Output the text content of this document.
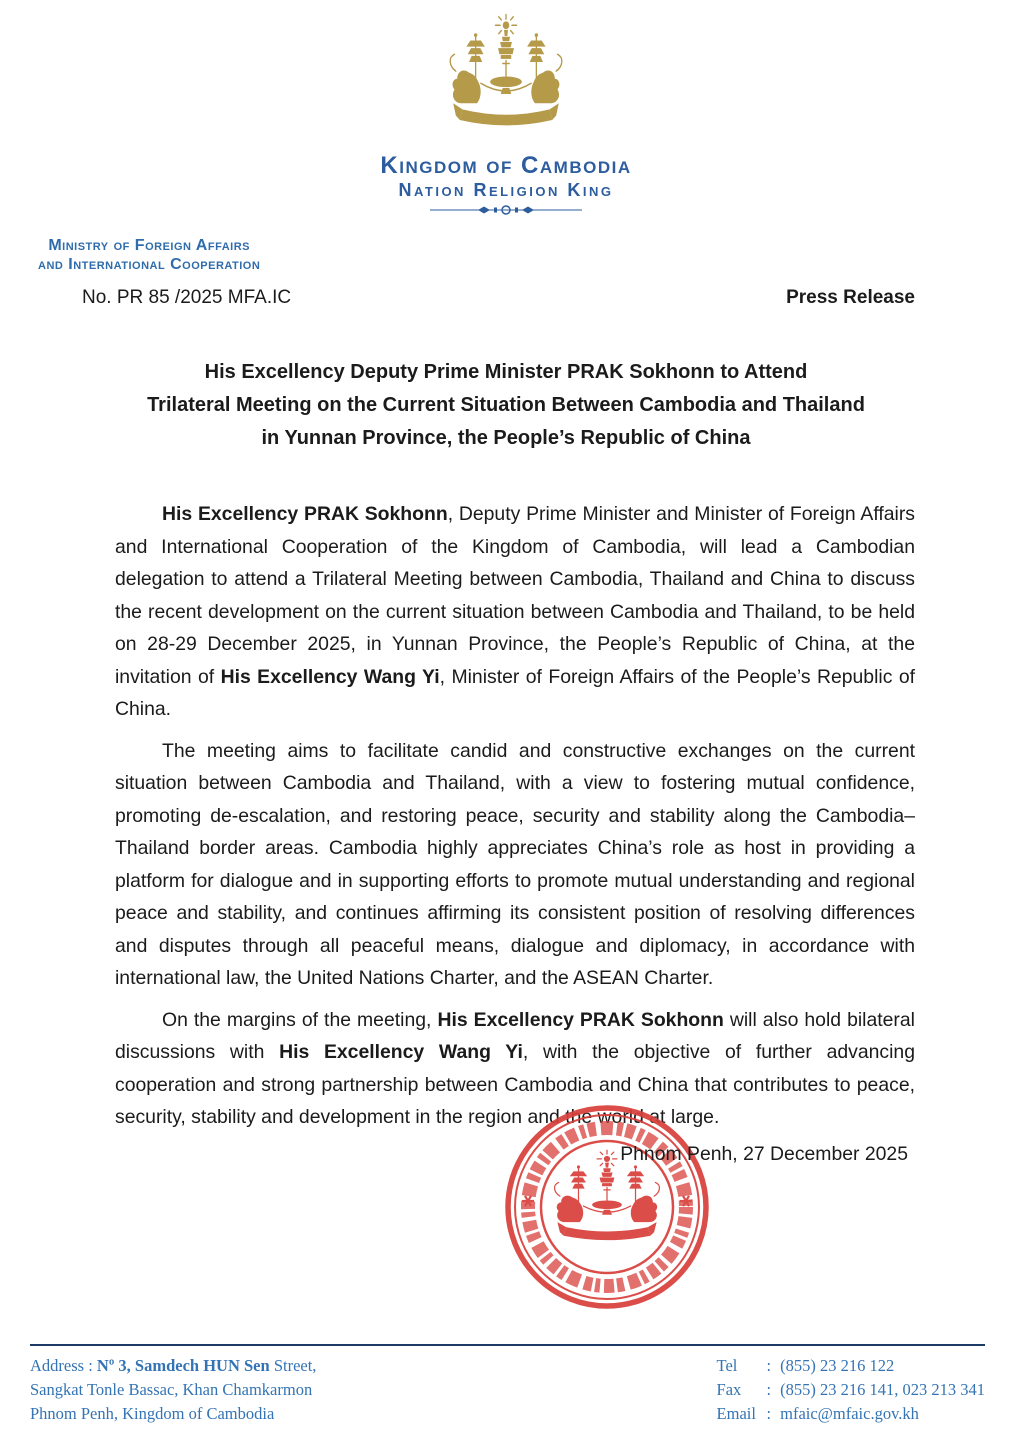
Kingdom of Cambodia
Nation Religion King
Ministry of Foreign Affairs
and International Cooperation
No. PR 85 /2025 MFA.IC	Press Release
His Excellency Deputy Prime Minister PRAK Sokhonn to Attend
Trilateral Meeting on the Current Situation Between Cambodia and Thailand
in Yunnan Province, the People’s Republic of China

His Excellency PRAK Sokhonn, Deputy Prime Minister and Minister of Foreign Affairs and International Cooperation of the Kingdom of Cambodia, will lead a Cambodian delegation to attend a Trilateral Meeting between Cambodia, Thailand and China to discuss the recent development on the current situation between Cambodia and Thailand, to be held on 28-29 December 2025, in Yunnan Province, the People’s Republic of China, at the invitation of His Excellency Wang Yi, Minister of Foreign Affairs of the People’s Republic of China.

The meeting aims to facilitate candid and constructive exchanges on the current situation between Cambodia and Thailand, with a view to fostering mutual confidence, promoting de-escalation, and restoring peace, security and stability along the Cambodia–Thailand border areas. Cambodia highly appreciates China’s role as host in providing a platform for dialogue and in supporting efforts to promote mutual understanding and regional peace and stability, and continues affirming its consistent position of resolving differences and disputes through all peaceful means, dialogue and diplomacy, in accordance with international law, the United Nations Charter, and the ASEAN Charter.

On the margins of the meeting, His Excellency PRAK Sokhonn will also hold bilateral discussions with His Excellency Wang Yi, with the objective of further advancing cooperation and strong partnership between Cambodia and China that contributes to peace, security, stability and development in the region and the world at large.

Phnom Penh, 27 December 2025
Address : Nº 3, Samdech HUN Sen Street,
Sangkat Tonle Bassac, Khan Chamkarmon
Phnom Penh, Kingdom of Cambodia
Tel	: (855) 23 216 122
Fax	: (855) 23 216 141, 023 213 341
Email : mfaic@mfaic.gov.kh
